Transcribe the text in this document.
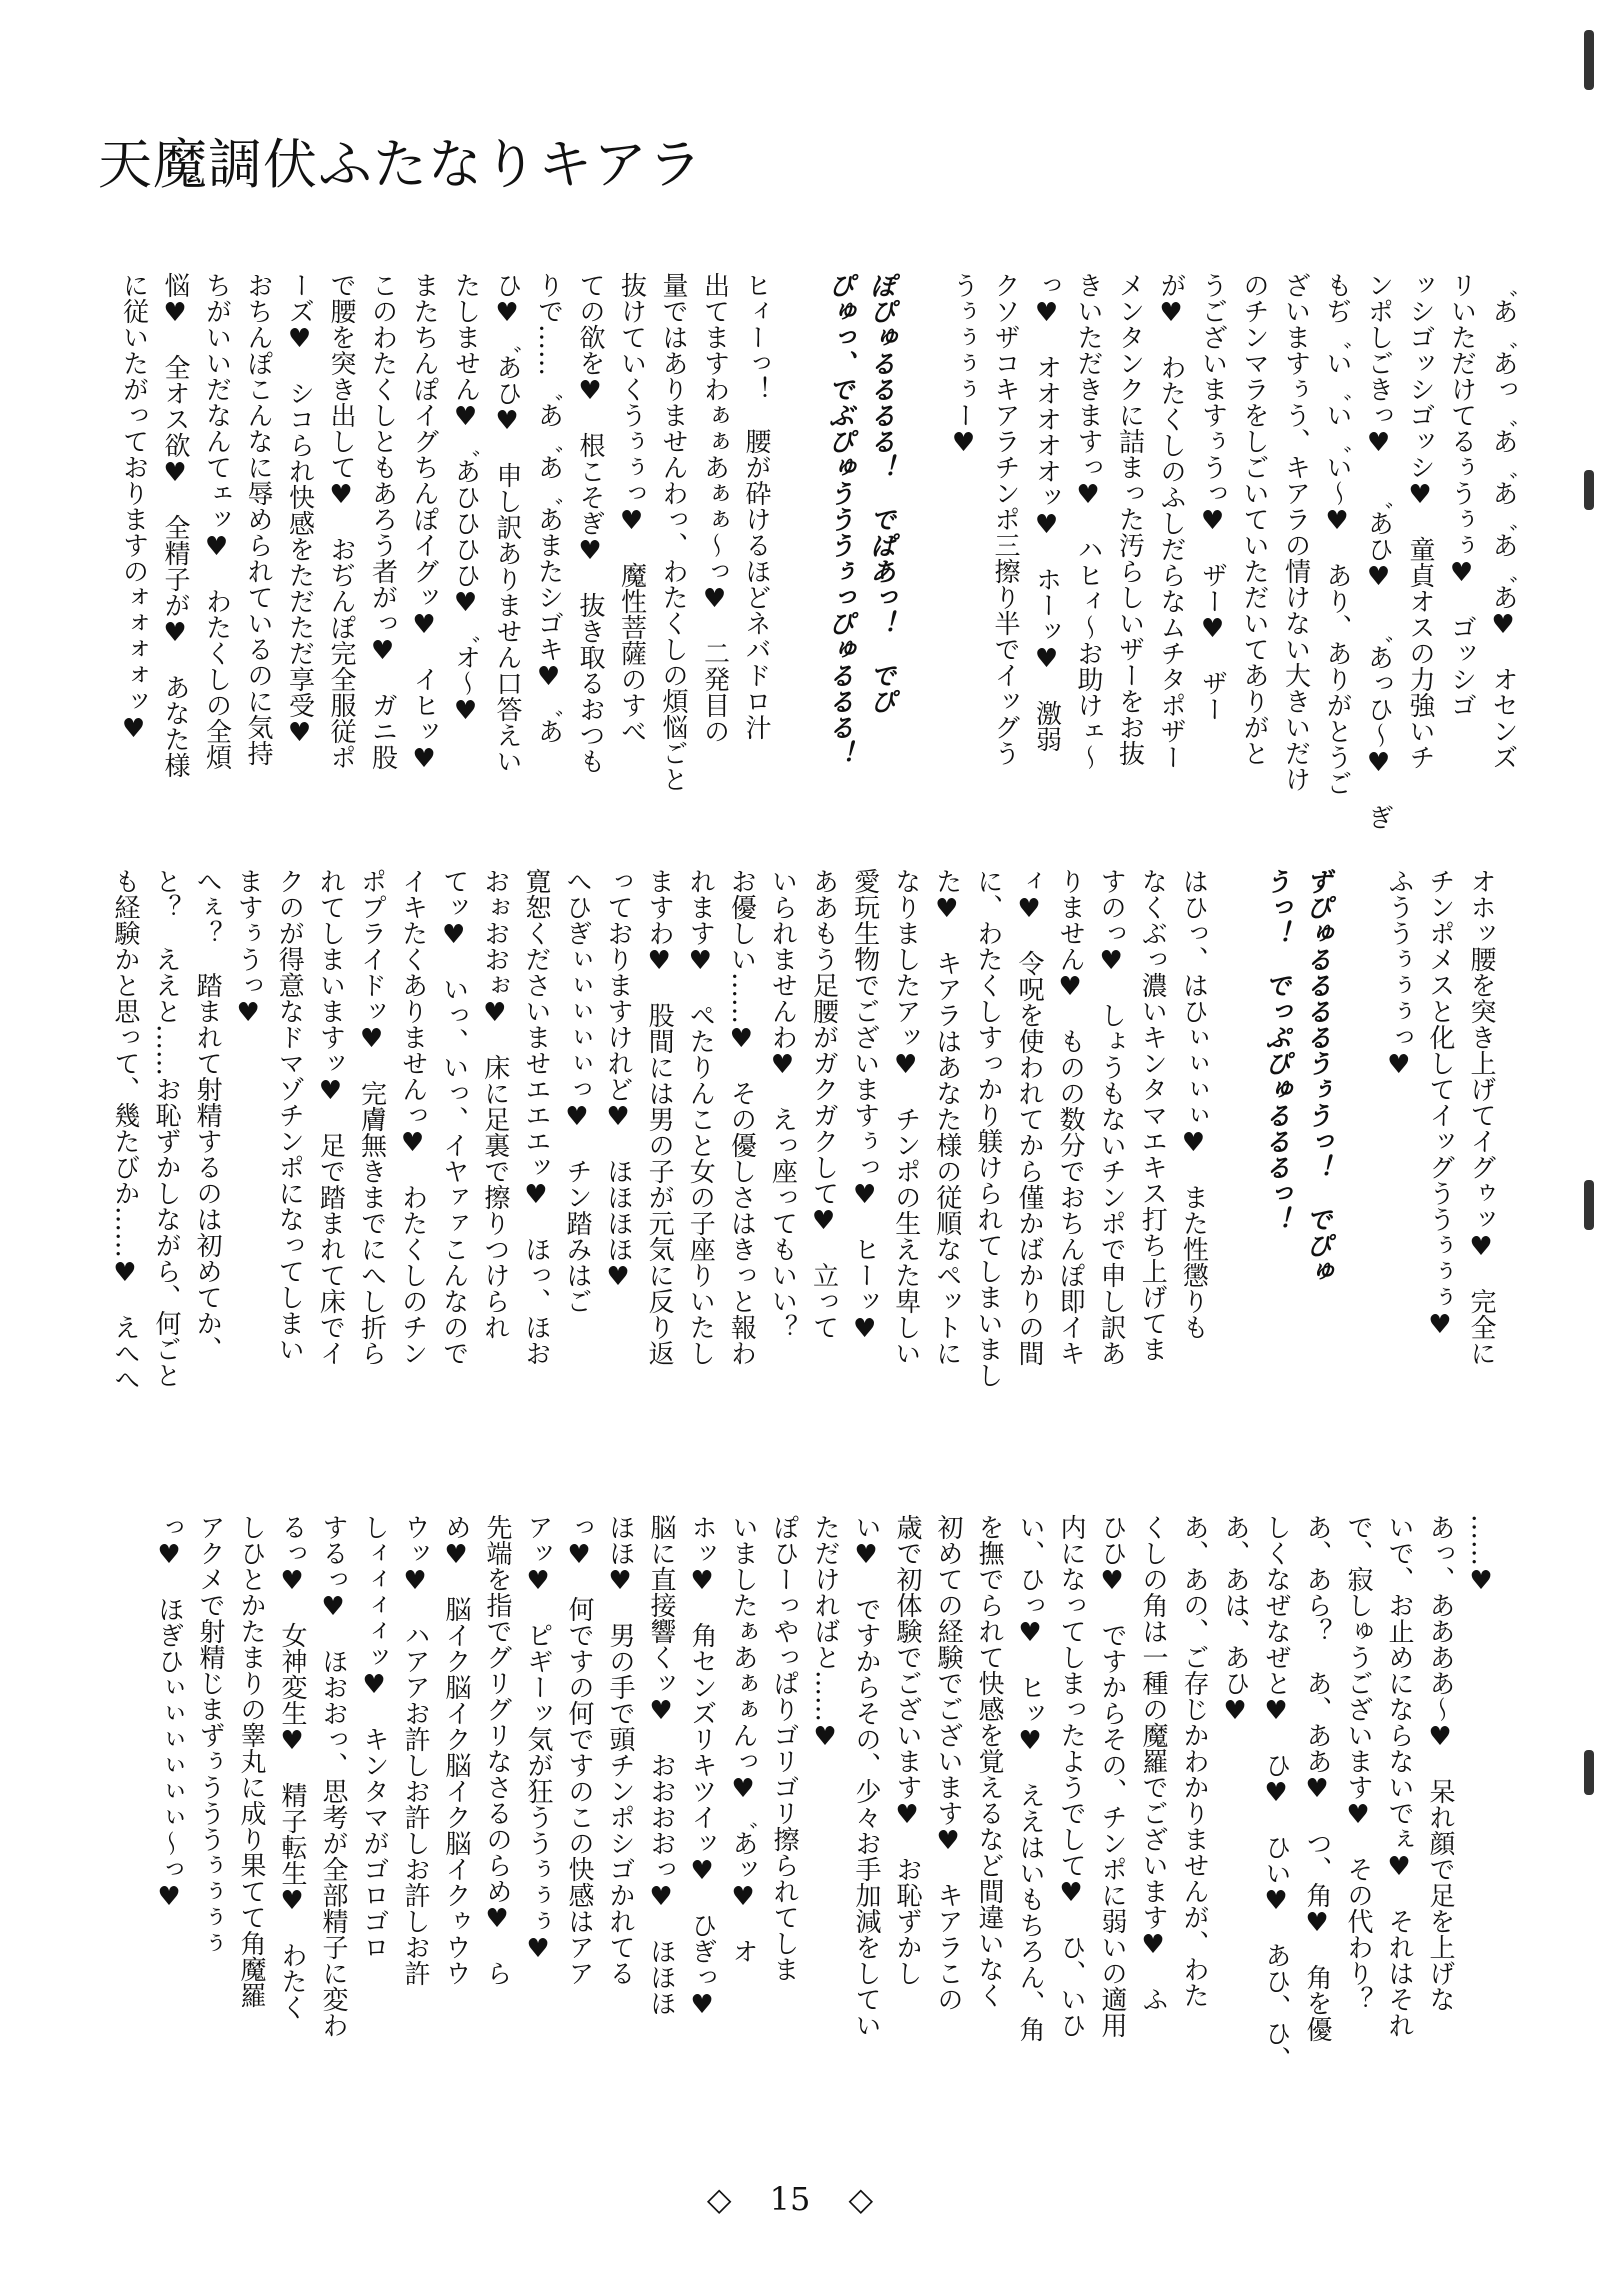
天魔調伏ふたなりキアラ
゛あ゛あっ゛あ゛あ゛あ゛あ♥　オセンズ
リいただけてるぅうぅぅ♥　ゴッシゴ
ッシゴッシゴッシ♥　童貞オスの力強いチ
ンポしごきっ♥　゛あひ♥　゛あっひ～♥　ぎ
もぢ゛い゛い゛い～♥　あり、ありがとうご
ざいますぅう、キアラの情けない大きいだけ
のチンマラをしごいていただいてありがと
うございますぅうっ♥　ザー♥　ザー
が♥　わたくしのふしだらなムチタポザー
メンタンクに詰まった汚らしいザーをお抜
きいただきますっ♥　ハヒィ～お助けェ～
っ♥　オオオオオッ♥　ホーッ♥　激弱
クソザコキアラチンポ三擦り半でイッグう
うぅぅぅぅー♥
ぽぴゅるるるる！　でぱあっ！　でぴ
ぴゅっ、でぶぴゅうううぅっぴゅるるる！
ヒィーっ！　腰が砕けるほどネバドロ汁
出てますわぁぁあぁぁ～っ♥　二発目の
量ではありませんわっ、わたくしの煩悩ごと
抜けていくうぅぅっ♥　魔性菩薩のすべ
ての欲を♥　根こそぎ♥　抜き取るおつも
りで……゛あ゛あ゛あまたシゴキ♥゛あ
ひ♥゛あひ♥　申し訳ありません口答えい
たしません♥゛あひひひひ♥゛オ～♥
またちんぽイグちんぽイグッ♥　イヒッ♥
このわたくしともあろう者がっ♥　ガニ股
で腰を突き出して♥　おぢんぽ完全服従ポ
ーズ♥　シコられ快感をただただ享受♥
おちんぽこんなに辱められているのに気持
ちがいいだなんてェッ♥　わたくしの全煩
悩♥　全オス欲♥　全精子が♥　あなた様
に従いたがっておりますのォォォォッ♥
オホッ腰を突き上げてイグゥッ♥　完全に
チンポメスと化してイッグううぅぅぅ♥
ふううぅぅぅっ♥
ずぴゅるるるるうぅうっ！　でぴゅ
うっ！　でっぷぴゅるるるっ！
はひっ、はひぃぃぃぃ♥　また性懲りも
なくぶっ濃いキンタマエキス打ち上げてま
すのっ♥　しょうもないチンポで申し訳あ
りません♥　ものの数分でおちんぽ即イキ
ィ♥　令呪を使われてから僅かばかりの間
に、わたくしすっかり躾けられてしまいまし
た♥　キアラはあなた様の従順なペットに
なりましたアッ♥　チンポの生えた卑しい
愛玩生物でございますぅっ♥　ヒーッ♥
ああもう足腰がガクガクして♥　立って
いられませんわ♥　えっ座ってもいい？
お優しい……♥　その優しさはきっと報わ
れます♥　ぺたりんこと女の子座りいたし
ますわ♥　股間には男の子が元気に反り返
っておりますけれど♥　ほほほほ♥
へひぎぃぃぃぃぃっ♥　チン踏みはご
寛恕くださいませエエエッ♥　ほっ、ほお
おぉおおぉ♥　床に足裏で擦りつけられ
てッ♥　いっ、いっ、イヤァァこんなので
イキたくありませんっ♥　わたくしのチン
ポプライドッ♥　完膚無きまでにへし折ら
れてしまいますッ♥　足で踏まれて床でイ
クのが得意なドマゾチンポになってしまい
ますぅうっ♥
へぇ？　踏まれて射精するのは初めてか、
と？　ええと……お恥ずかしながら、何ごと
も経験かと思って、幾たびか……♥　えへへ
……♥
あっ、ああああ～♥　呆れ顔で足を上げな
いで、お止めにならないでぇ♥　それはそれ
で、寂しゅうございます♥　その代わり？
あ、あら？　あ、ああ♥　つ、角♥　角を優
しくなぜなぜと♥　ひ♥　ひい♥　あひ、ひ、
あ、あは、あひ♥
あ、あの、ご存じかわかりませんが、わた
くしの角は一種の魔羅でございます♥　ふ
ひひ♥　ですからその、チンポに弱いの適用
内になってしまったようでして♥　ひ、いひ
い、ひっ♥　ヒッ♥　ええはいもちろん、角
を撫でられて快感を覚えるなど間違いなく
初めての経験でございます♥　キアラこの
歳で初体験でございます♥　お恥ずかし
い♥　ですからその、少々お手加減をしてい
ただければと……♥
ぽひーっやっぱりゴリゴリ擦られてしま
いましたぁあぁぁんっ♥゛あッ♥　オ
ホッ♥　角センズリキツイッ♥　ひぎっ♥
脳に直接響くッ♥　おおおおっ♥　ほほほ
ほほ♥　男の手で頭チンポシゴかれてる
っ♥　何ですの何ですのこの快感はアア
アッ♥　ピギーッ気が狂ううぅぅぅ♥
先端を指でグリグリなさるのらめ♥　ら
め♥　脳イク脳イク脳イク脳イクゥウウ
ウッ♥　ハアアお許しお許しお許しお許
しィィィィッ♥　キンタマがゴロゴロ
するっ♥　ほおおっ、思考が全部精子に変わ
るっ♥　女神変生♥　精子転生♥　わたく
しひとかたまりの睾丸に成り果てて角魔羅
アクメで射精じまずぅうううぅぅぅぅ
っ♥　ほぎひぃぃぃぃぃぃ～っ♥
◇ 15 ◇
